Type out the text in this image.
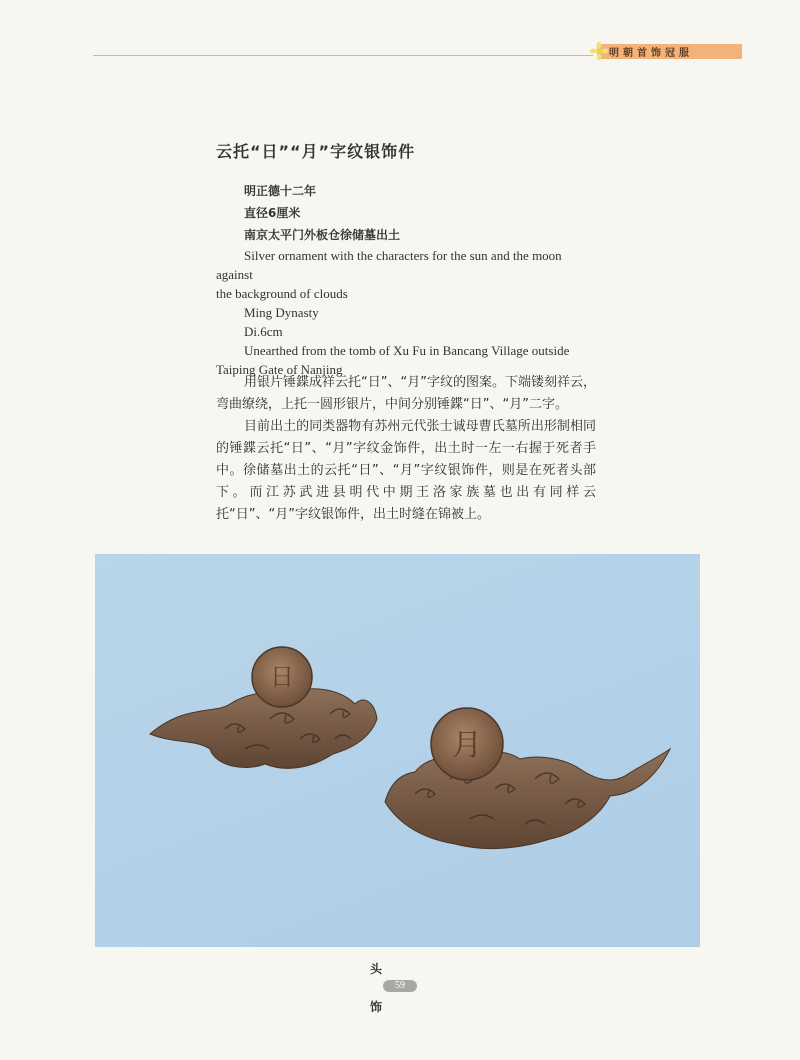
明朝首饰冠服
云托“日”“月”字纹银饰件
明正德十二年
直径6厘米
南京太平门外板仓徐储墓出土
Silver ornament with the characters for the sun and the moon against
the background of clouds
Ming Dynasty
Di.6cm
Unearthed from the tomb of Xu Fu in Bancang Village outside
Taiping Gate of Nanjing

用银片锤鍱成祥云托“日”、“月”字纹的图案。下端镂刻祥云，弯曲缭绕，上托一圆形银片，中间分别锤鍱“日”、“月”二字。

目前出土的同类器物有苏州元代张士诚母曹氏墓所出形制相同的锤鍱云托“日”、“月”字纹金饰件，出土时一左一右握于死者手中。徐储墓出土的云托“日”、“月”字纹银饰件，则是在死者头部下。而江苏武进县明代中期王洛家族墓也出有同样云托“日”、“月”字纹银饰件，出土时缝在锦被上。

日
月
头
59
饰
